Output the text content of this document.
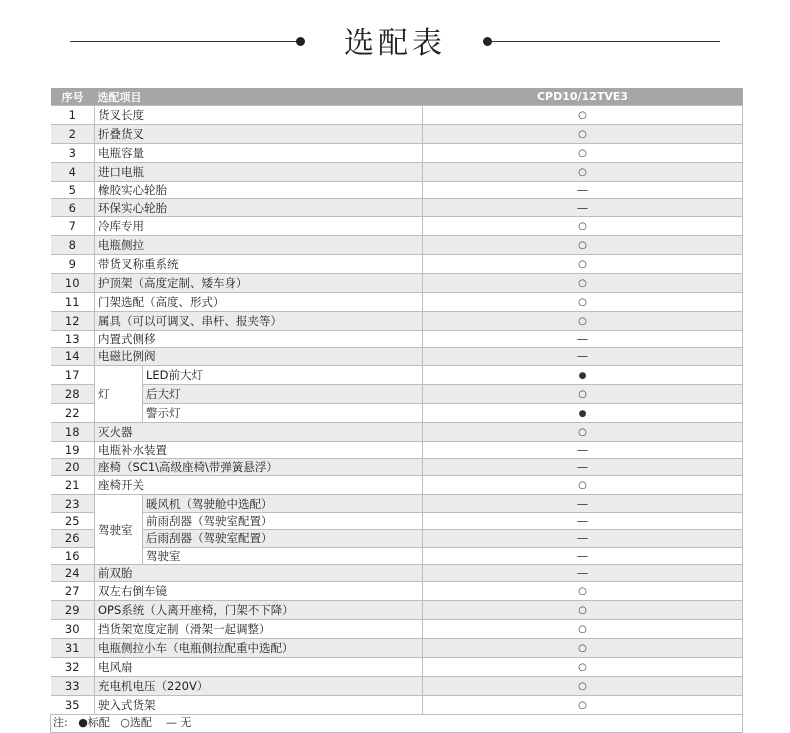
选配表
序号	选配项目		CPD10/12TVE3
1	货叉长度		○
2	折叠货叉		○
3	电瓶容量		○
4	进口电瓶		○
5	橡胶实心轮胎		—
6	环保实心轮胎		—
7	冷库专用		○
8	电瓶侧拉		○
9	带货叉称重系统		○
10	护顶架（高度定制、矮车身）		○
11	门架选配（高度、形式）		○
12	属具（可以可调叉、串杆、报夹等）		○
13	内置式侧移		—
14	电磁比例阀		—
17	灯	LED前大灯	●
28		后大灯	○
22		警示灯	●
18	灭火器		○
19	电瓶补水装置		—
20	座椅（SC1\高级座椅\带弹簧悬浮）		—
21	座椅开关		○
23	驾驶室	暖风机（驾驶舱中选配）	—
25		前雨刮器（驾驶室配置）	—
26		后雨刮器（驾驶室配置）	—
16		驾驶室	—
24	前双胎		—
27	双左右倒车镜		○
29	OPS系统（人离开座椅，门架不下降）		○
30	挡货架宽度定制（滑架一起调整）		○
31	电瓶侧拉小车（电瓶侧拉配重中选配）		○
32	电风扇		○
33	充电机电压（220V）		○
35	驶入式货架		○
注:   ●标配   ○选配    — 无			
